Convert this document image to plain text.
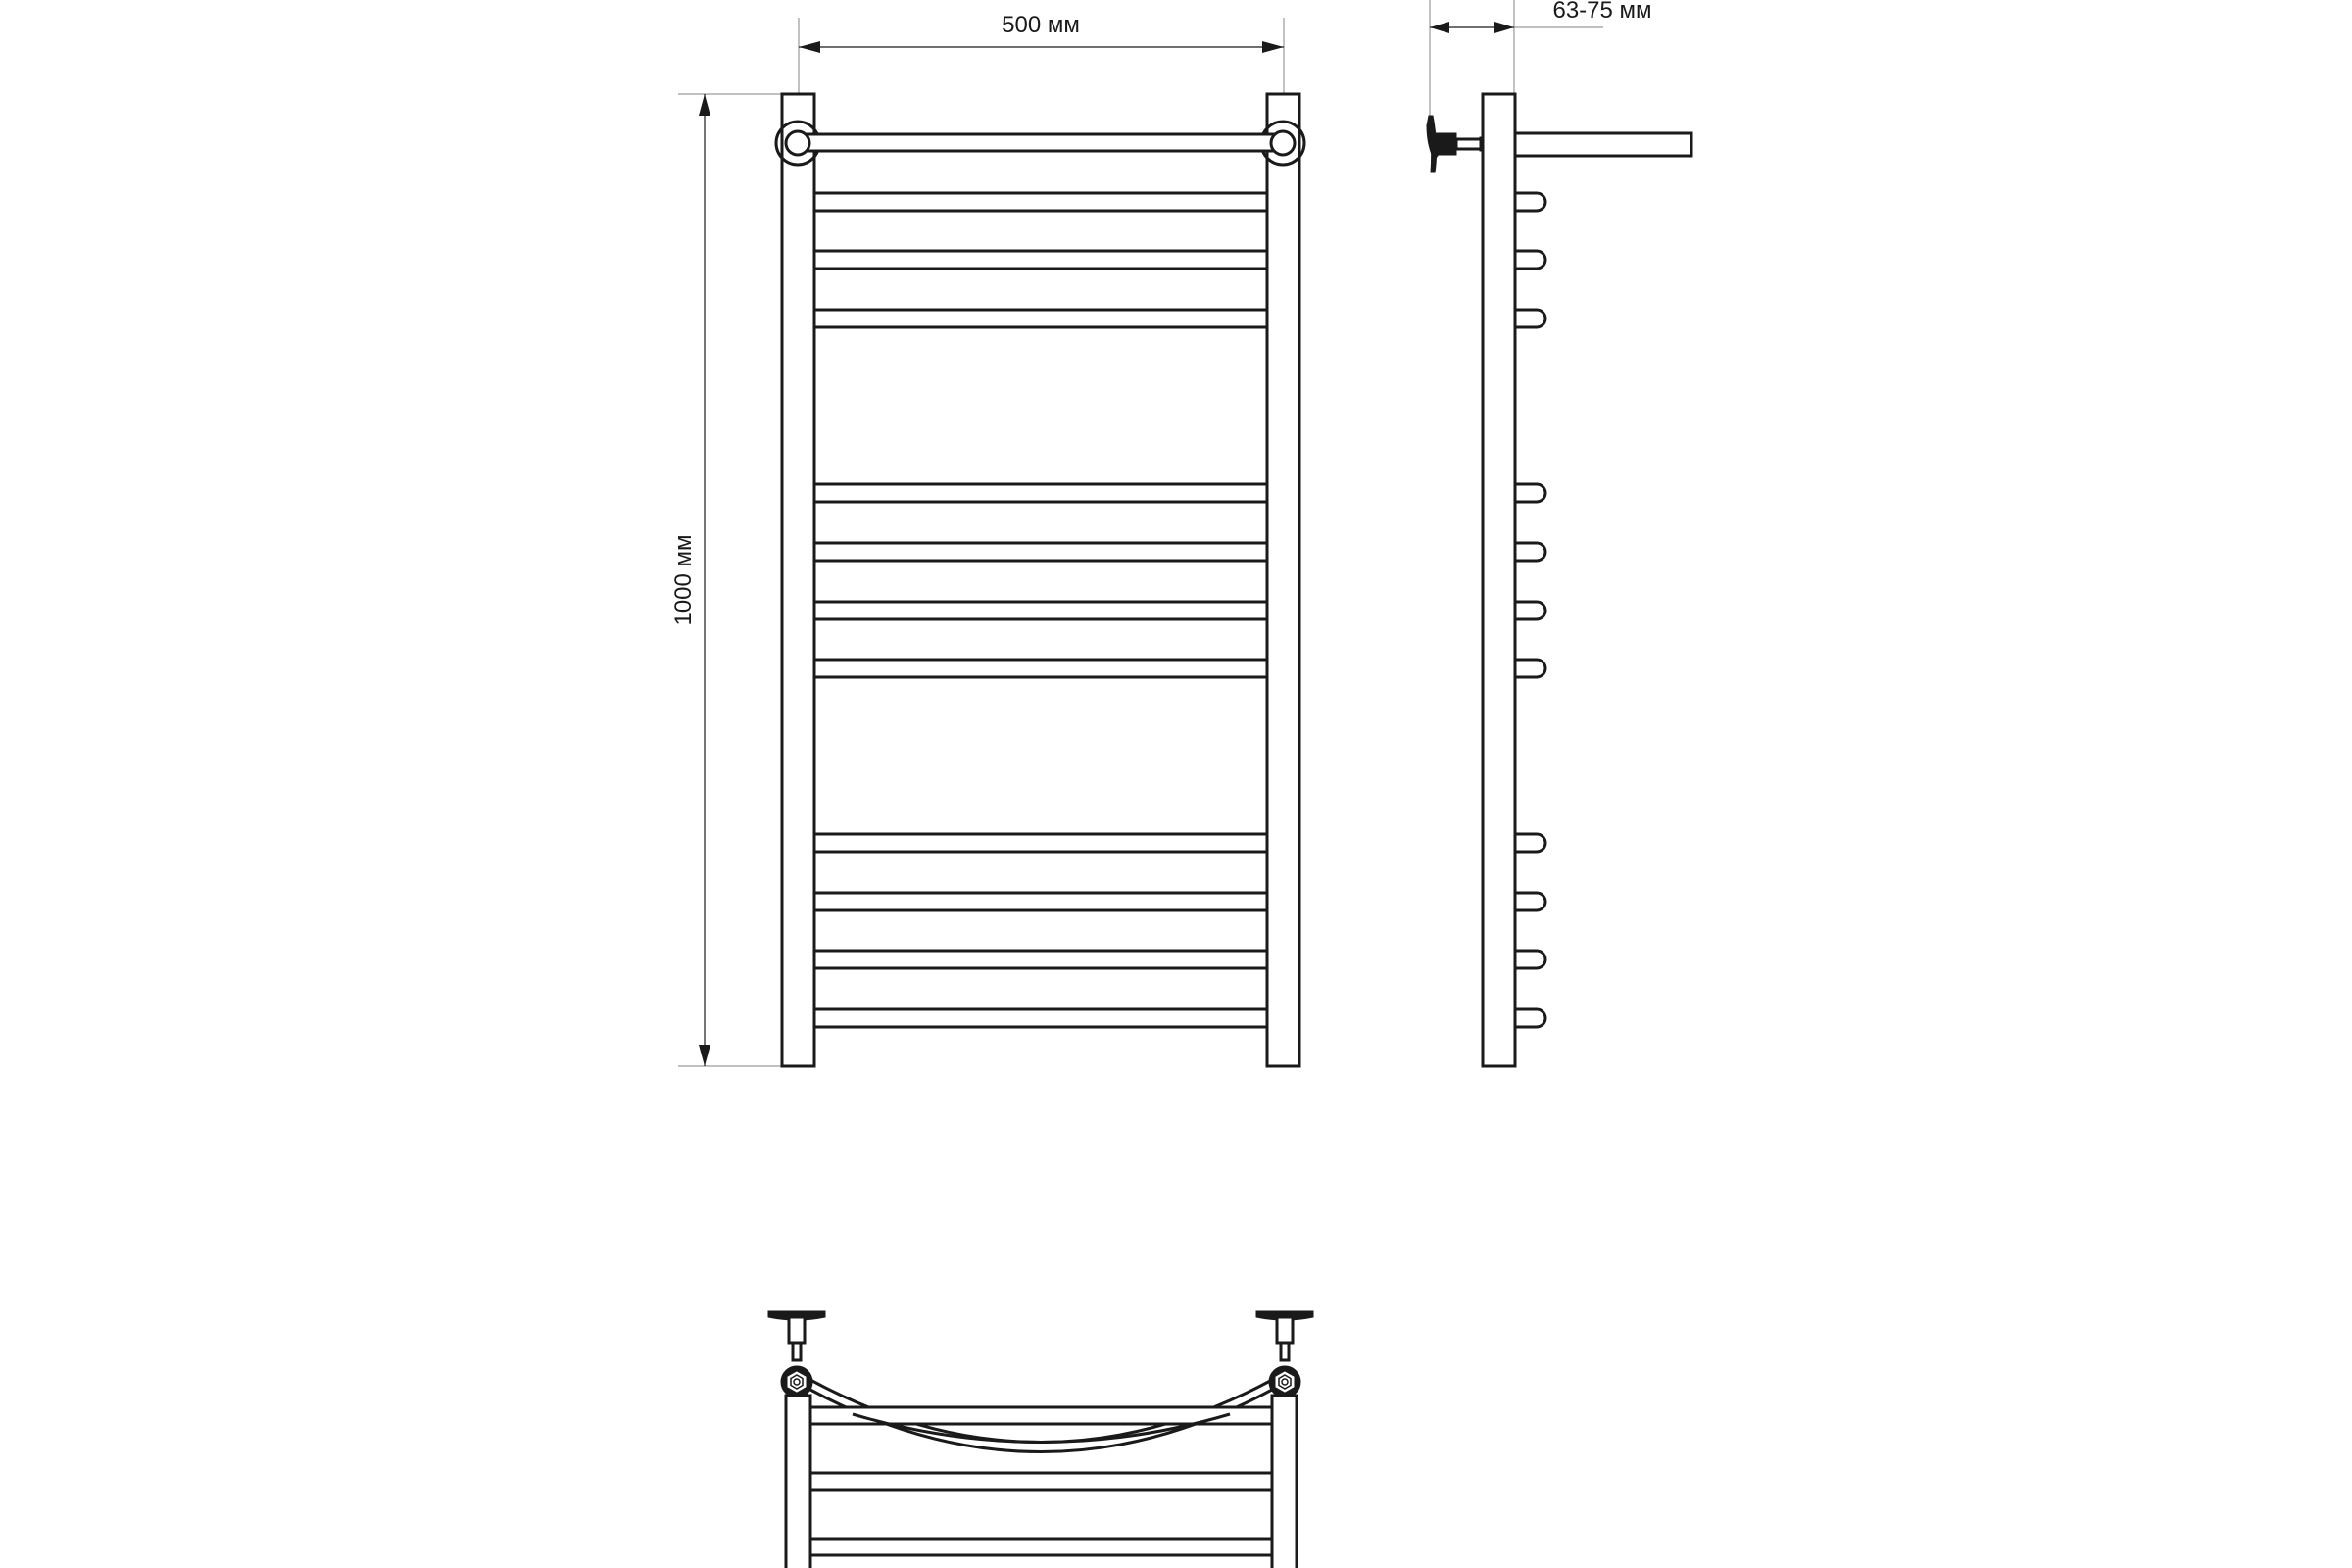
500 мм
1000 мм
63-75 мм
